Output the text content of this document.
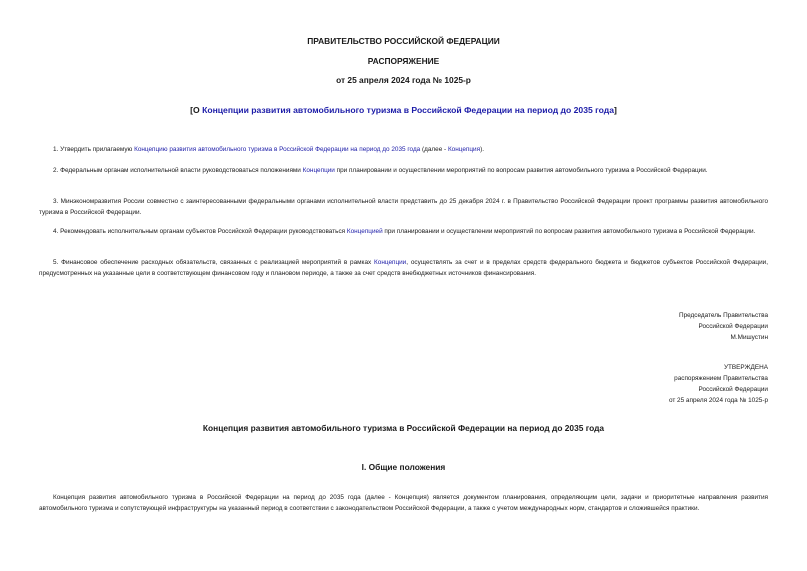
ПРАВИТЕЛЬСТВО РОССИЙСКОЙ ФЕДЕРАЦИИ
РАСПОРЯЖЕНИЕ
от 25 апреля 2024 года № 1025-р
[О Концепции развития автомобильного туризма в Российской Федерации на период до 2035 года]
1. Утвердить прилагаемую Концепцию развития автомобильного туризма в Российской Федерации на период до 2035 года (далее - Концепция).
2. Федеральным органам исполнительной власти руководствоваться положениями Концепции при планировании и осуществлении мероприятий по вопросам развития автомобильного туризма в Российской Федерации.
3. Минэкономразвития России совместно с заинтересованными федеральными органами исполнительной власти представить до 25 декабря 2024 г. в Правительство Российской Федерации проект программы развития автомобильного туризма в Российской Федерации.
4. Рекомендовать исполнительным органам субъектов Российской Федерации руководствоваться Концепцией при планировании и осуществлении мероприятий по вопросам развития автомобильного туризма в Российской Федерации.
5. Финансовое обеспечение расходных обязательств, связанных с реализацией мероприятий в рамках Концепции, осуществлять за счет и в пределах средств федерального бюджета и бюджетов субъектов Российской Федерации, предусмотренных на указанные цели в соответствующем финансовом году и плановом периоде, а также за счет средств внебюджетных источников финансирования.
Председатель Правительства
Российской Федерации
М.Мишустин
УТВЕРЖДЕНА
распоряжением Правительства
Российской Федерации
от 25 апреля 2024 года № 1025-р
Концепция развития автомобильного туризма в Российской Федерации на период до 2035 года
I. Общие положения
Концепция развития автомобильного туризма в Российской Федерации на период до 2035 года (далее - Концепция) является документом планирования, определяющим цели, задачи и приоритетные направления развития автомобильного туризма и сопутствующей инфраструктуры на указанный период в соответствии с законодательством Российской Федерации, а также с учетом международных норм, стандартов и сложившейся практики.
